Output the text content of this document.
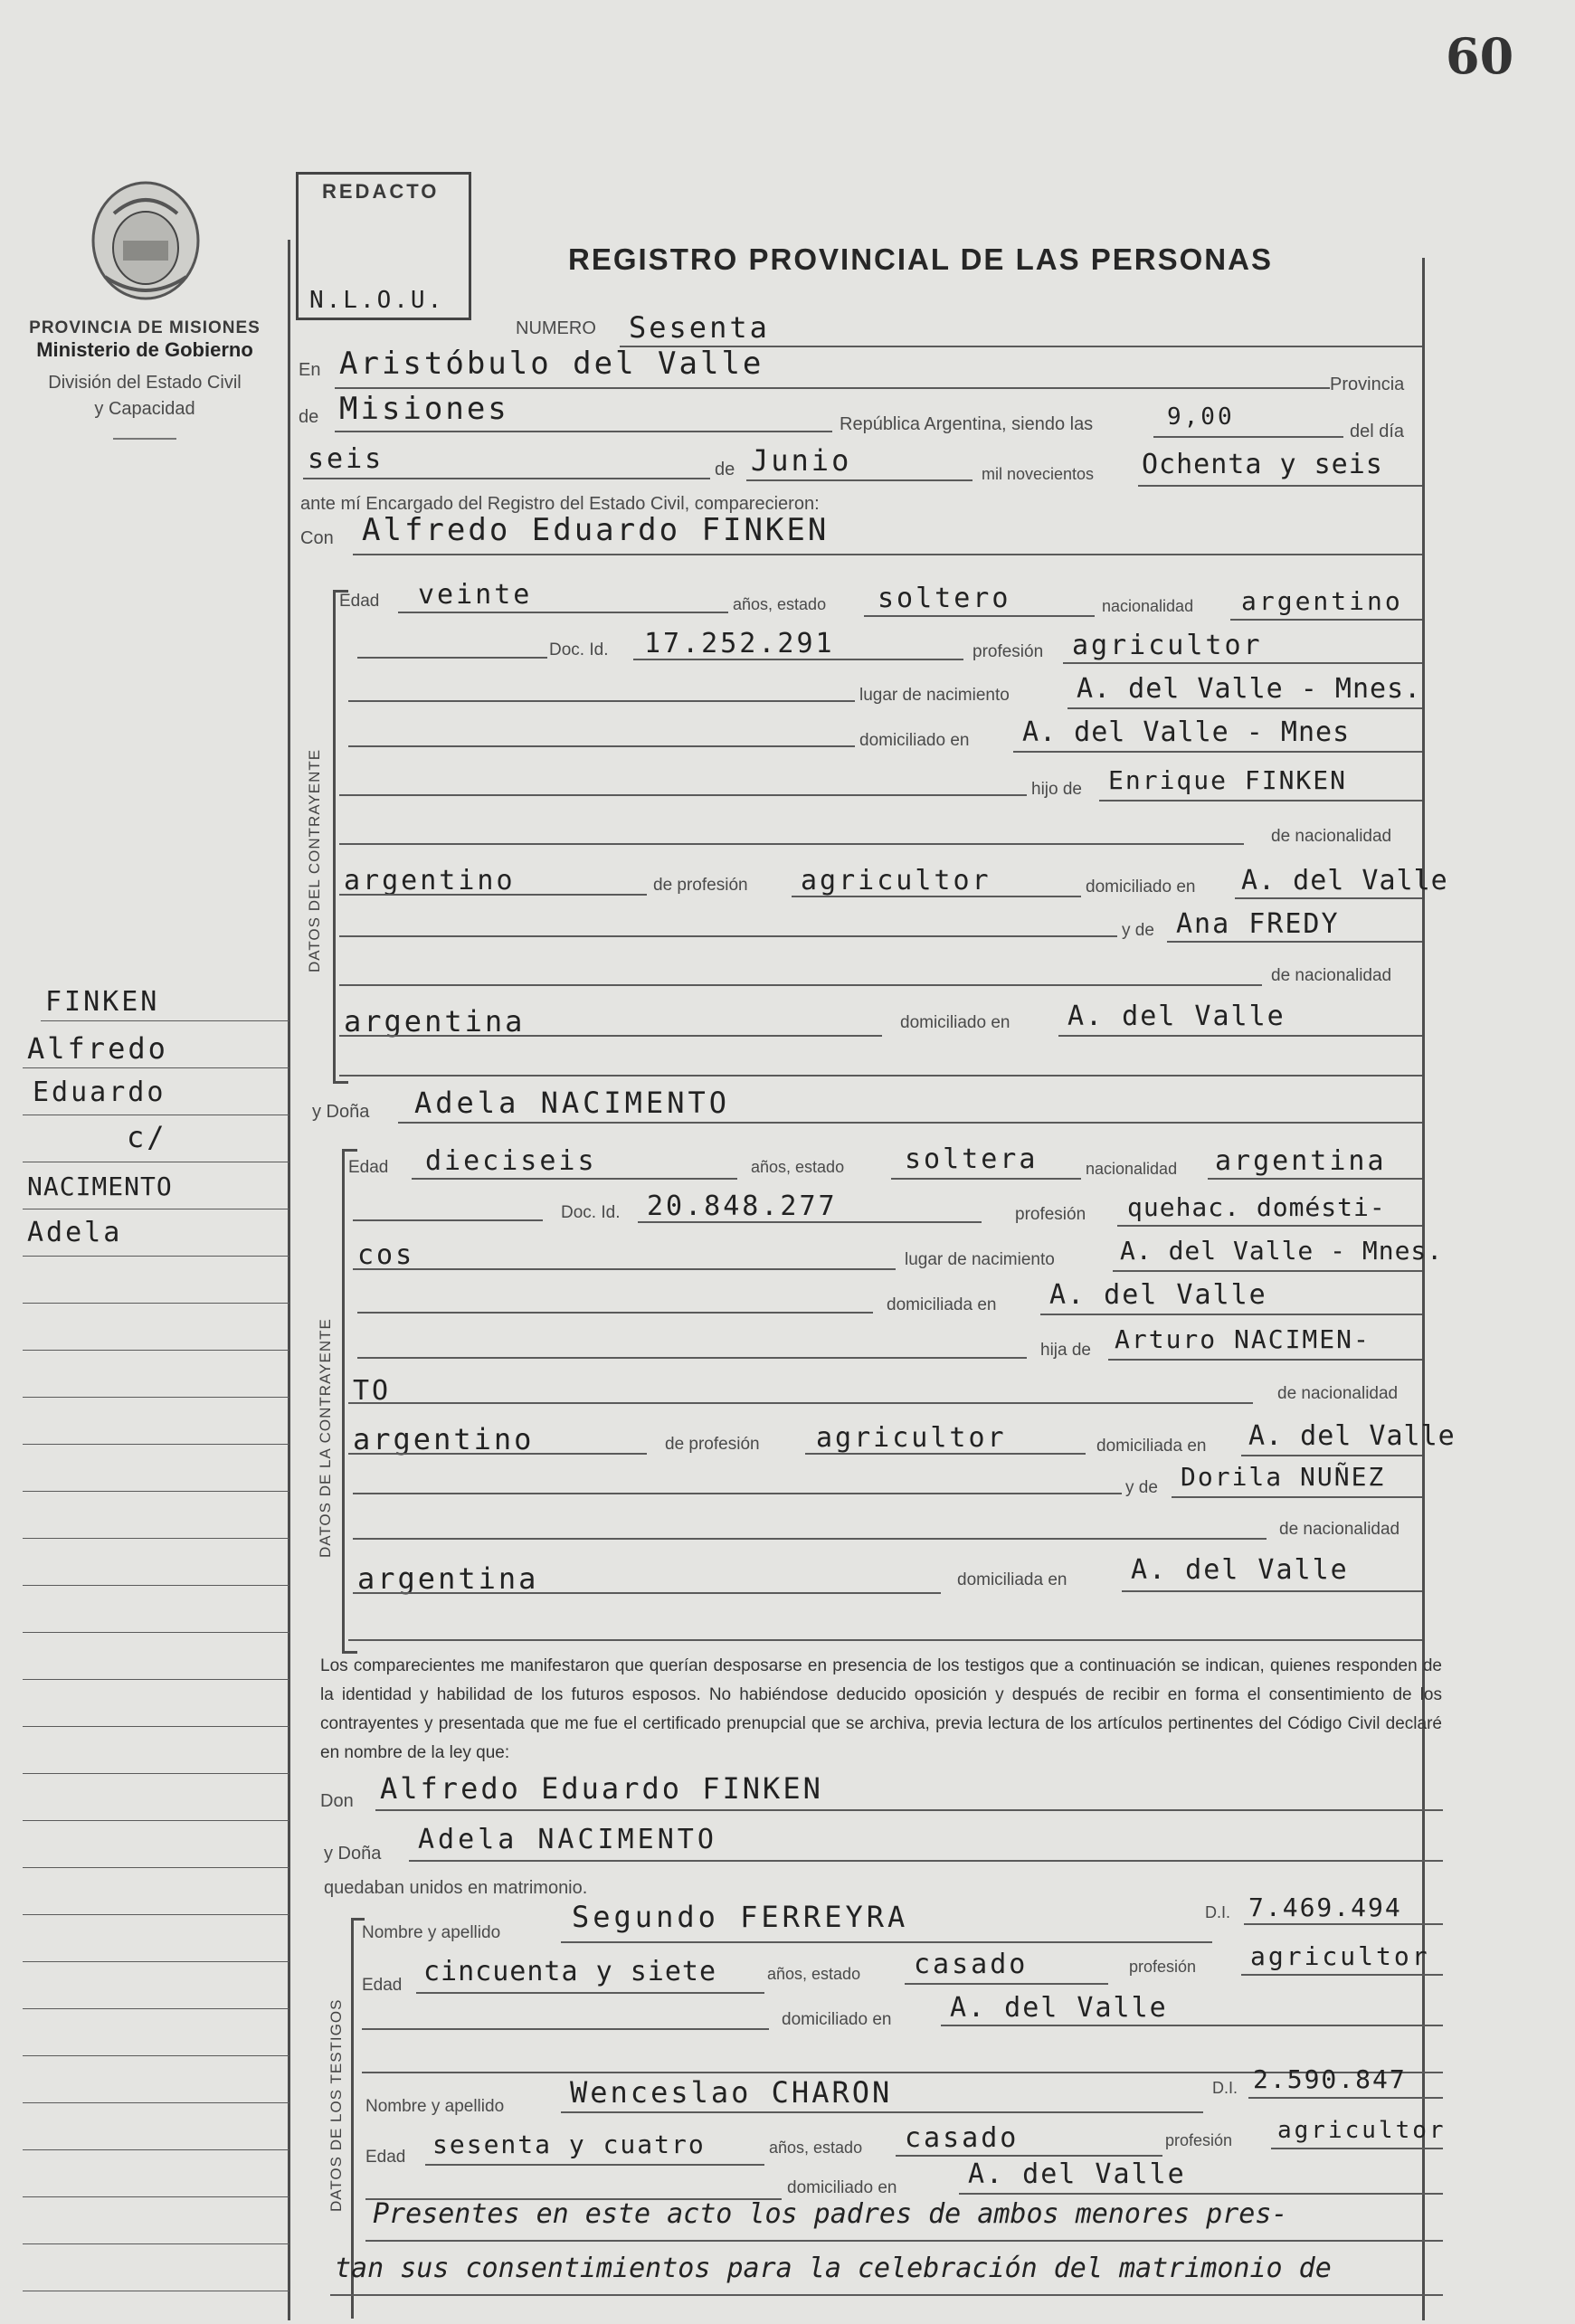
60
PROVINCIA DE MISIONES
Ministerio de Gobierno
División del Estado Civil
y Capacidad
REDACTO
N.L.O.U.
REGISTRO PROVINCIAL DE LAS PERSONAS
NUMERO Sesenta
En Aristóbulo del Valle
Provincia
de Misiones	República Argentina, siendo las	9,00
del día
seis	de Junio	mil novecientos Ochenta y seis
ante mí Encargado del Registro del Estado Civil, comparecieron:
Con Alfredo Eduardo FINKEN
FINKEN
Alfredo
Eduardo
c/
NACIMENTO
Adela
DATOS DEL CONTRAYENTE
Edad veinte	años, estado soltero	nacionalidad argentino
Doc. Id. 17.252.291	profesión agricultor
lugar de nacimiento A. del Valle - Mnes.
domiciliado en A. del Valle - Mnes
hijo de Enrique FINKEN
de nacionalidad
argentino	de profesión agricultor	domiciliado en A. del Valle
y de Ana FREDY
de nacionalidad
argentina	domiciliado en A. del Valle
y Doña Adela NACIMENTO
DATOS DE LA CONTRAYENTE
Edad dieciseis	años, estado soltera	nacionalidad argentina
Doc. Id. 20.848.277	profesión quehac. domésti-
cos	lugar de nacimiento	A. del Valle - Mnes.
domiciliada en A. del Valle
hija de Arturo NACIMEN-
TO	de nacionalidad
argentino	de profesión agricultor	domiciliada en A. del Valle
y de Dorila NUÑEZ
de nacionalidad
argentina	domiciliada en A. del Valle
Los comparecientes me manifestaron que querían desposarse en presencia de los testigos que a continuación se indican, quienes responden de la identidad y habilidad de los futuros esposos. No habiéndose deducido oposición y después de recibir en forma el consentimiento de los contrayentes y presentada que me fue el certificado prenupcial que se archiva, previa lectura de los artículos pertinentes del Código Civil declaré en nombre de la ley que:
Don Alfredo Eduardo FINKEN
y Doña Adela NACIMENTO
quedaban unidos en matrimonio.
DATOS DE LOS TESTIGOS
Nombre y apellido Segundo FERREYRA	D.I. 7.469.494
Edad cincuenta y siete	años, estado casado	profesión agricultor
domiciliado en A. del Valle
Nombre y apellido Wenceslao CHARON	D.I. 2.590.847
Edad sesenta y cuatro	años, estado casado	profesión agricultor
domiciliado en	A. del Valle
Presentes en este acto los padres de ambos menores pres-
tan sus consentimientos para la celebración del matrimonio de
